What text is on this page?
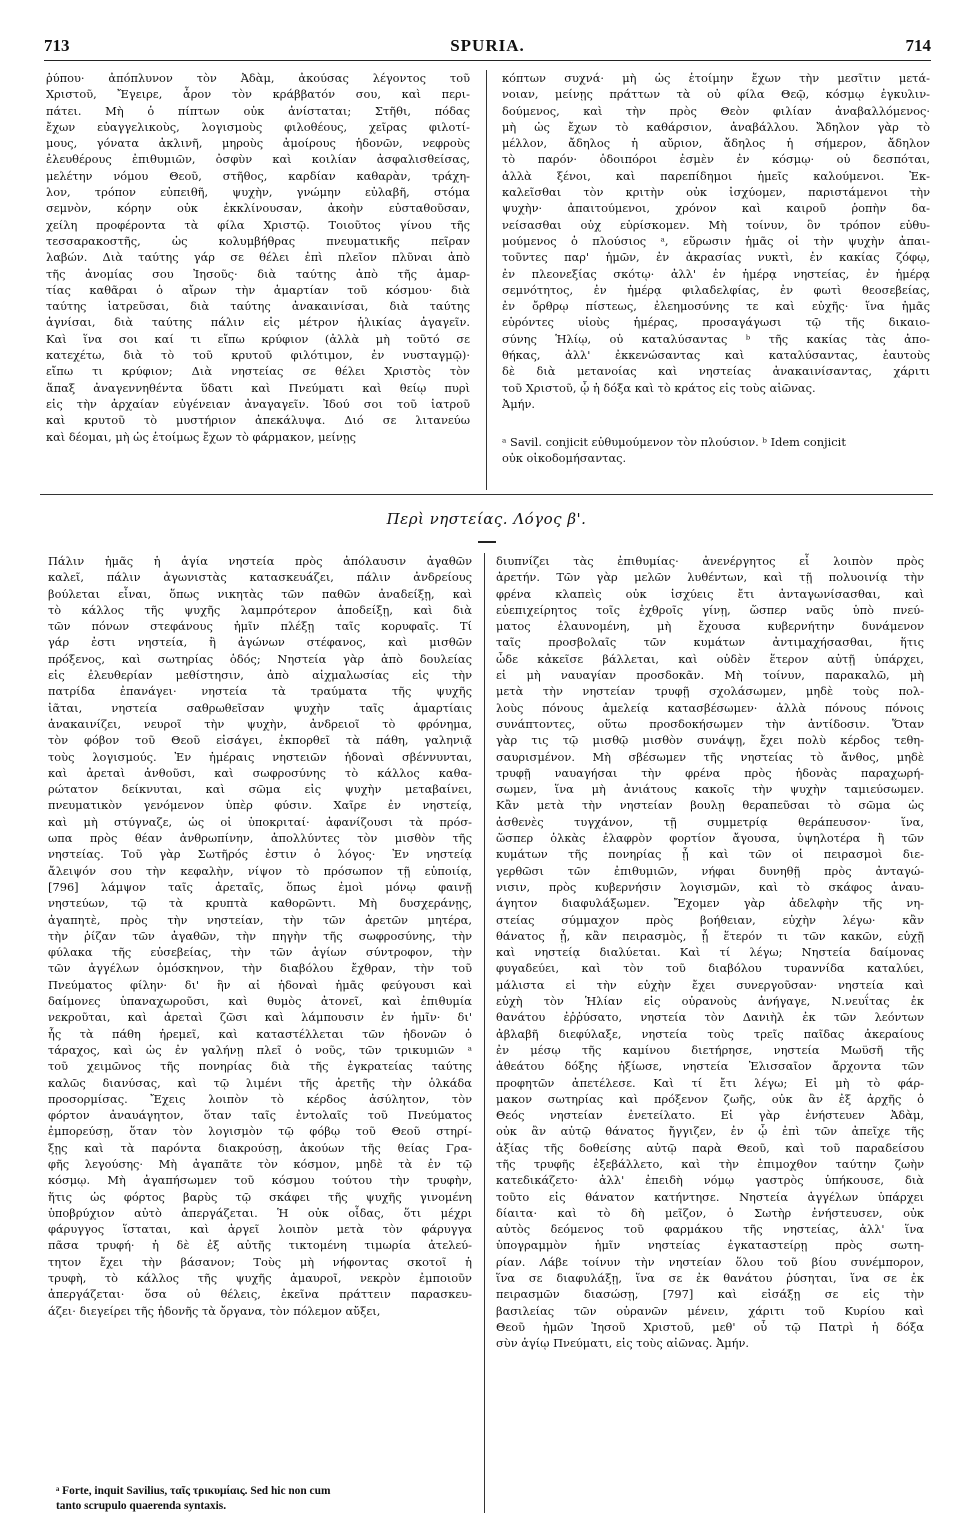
713	SPURIA.	714
ῥύπου· ἀπόπλυνον τὸν Ἀδὰμ, ἀκούσας λέγοντος τοῦ
Χριστοῦ, Ἔγειρε, ἆρον τὸν κράββατόν σου, καὶ περι-
πάτει. Μὴ ὁ πίπτων οὐκ ἀνίσταται; Στῆθι, πόδας
ἔχων εὐαγγελικοὺς, λογισμοὺς φιλοθέους, χεῖρας φιλοτί-
μους, γόνατα ἀκλινῆ, μηροὺς ἀμοίρους ἡδονῶν, νεφροὺς
ἐλευθέρους ἐπιθυμιῶν, ὀσφὺν καὶ κοιλίαν ἀσφαλισθείσας,
μελέτην νόμου Θεοῦ, στῆθος, καρδίαν καθαρὰν, τράχη-
λον, τρόπον εὐπειθῆ, ψυχὴν, γνώμην εὐλαβῆ, στόμα
σεμνὸν, κόρην οὐκ ἐκκλίνουσαν, ἀκοὴν εὐσταθοῦσαν,
χείλη προφέροντα τὰ φίλα Χριστῷ. Τοιοῦτος γίνου τῆς
τεσσαρακοστῆς, ὡς κολυμβήθρας πνευματικῆς πεῖραν
λαβών. Διὰ ταύτης γάρ σε θέλει ἐπὶ πλεῖον πλῦναι ἀπὸ
τῆς ἀνομίας σου Ἰησοῦς· διὰ ταύτης ἀπὸ τῆς ἁμαρ-
τίας καθᾶραι ὁ αἴρων τὴν ἁμαρτίαν τοῦ κόσμου· διὰ
ταύτης ἰατρεῦσαι, διὰ ταύτης ἀνακαινίσαι, διὰ ταύτης
ἁγνίσαι, διὰ ταύτης πάλιν εἰς μέτρον ἡλικίας ἀγαγεῖν.
Καὶ ἵνα σοι καί τι εἴπω κρύφιον (ἀλλὰ μὴ τοῦτό σε
κατεχέτω, διὰ τὸ τοῦ κρυτοῦ φιλότιμον, ἐν νυσταγμῷ)·
εἴπω τι κρύφιον; Διὰ νηστείας σε θέλει Χριστὸς τὸν
ἅπαξ ἀναγεννηθέντα ὕδατι καὶ Πνεύματι καὶ θείῳ πυρὶ
εἰς τὴν ἀρχαίαν εὐγένειαν ἀναγαγεῖν. Ἰδού σοι τοῦ ἰατροῦ
καὶ κρυτοῦ τὸ μυστήριον ἀπεκάλυψα. Διό σε λιτανεύω
καὶ δέομαι, μὴ ὡς ἑτοίμως ἔχων τὸ φάρμακον, μείνῃς
κόπτων συχνά· μὴ ὡς ἑτοίμην ἔχων τὴν μεσῖτιν μετά-
νοιαν, μείνῃς πράττων τὰ οὐ φίλα Θεῷ, κόσμῳ ἐγκυλιν-
δούμενος, καὶ τὴν πρὸς Θεὸν φιλίαν ἀναβαλλόμενος·
μὴ ὡς ἔχων τὸ καθάρσιον, ἀναβάλλου. Ἄδηλον γὰρ τὸ
μέλλον, ἄδηλος ἡ αὔριον, ἄδηλος ἡ σήμερον, ἄδηλον
τὸ παρόν· ὁδοιπόροι ἐσμὲν ἐν κόσμῳ· οὐ δεσπόται,
ἀλλὰ ξένοι, καὶ παρεπίδημοι ἡμεῖς καλούμενοι. Ἐκ-
καλεῖσθαι τὸν κριτὴν οὐκ ἰσχύομεν, παριστάμενοι τὴν
ψυχὴν· ἀπαιτούμενοι, χρόνον καὶ καιροῦ ῥοπὴν δα-
νείσασθαι οὐχ εὑρίσκομεν. Μὴ τοίνυν, ὃν τρόπον εὐθυ-
μούμενος ὁ πλούσιος ᵃ, εὕρωσιν ἡμᾶς οἱ τὴν ψυχὴν ἀπαι-
τοῦντες παρ' ἡμῶν, ἐν ἀκρασίας νυκτὶ, ἐν κακίας ζόφῳ,
ἐν πλεονεξίας σκότῳ· ἀλλ' ἐν ἡμέρᾳ νηστείας, ἐν ἡμέρᾳ
σεμνότητος, ἐν ἡμέρᾳ φιλαδελφίας, ἐν φωτὶ θεοσεβείας,
ἐν ὄρθρῳ πίστεως, ἐλεημοσύνης τε καὶ εὐχῆς· ἵνα ἡμᾶς
εὑρόντες υἱοὺς ἡμέρας, προσαγάγωσι τῷ τῆς δικαιο-
σύνης Ἡλίῳ, οὐ καταλύσαντας ᵇ τῆς κακίας τὰς ἀπο-
θήκας, ἀλλ' ἐκκενώσαντας καὶ καταλύσαντας, ἑαυτοὺς
δὲ διὰ μετανοίας καὶ νηστείας ἀνακαινίσαντας, χάριτι
τοῦ Χριστοῦ, ᾧ ἡ δόξα καὶ τὸ κράτος εἰς τοὺς αἰῶνας.
Ἀμήν.
ᵃ Savil. conjicit εὐθυμούμενον τὸν πλούσιον. ᵇ Idem conjicit
οὐκ οἰκοδομήσαντας.
Περὶ νηστείας. Λόγος β'.
Πάλιν ἡμᾶς ἡ ἁγία νηστεία πρὸς ἀπόλαυσιν ἀγαθῶν
καλεῖ, πάλιν ἀγωνιστὰς κατασκευάζει, πάλιν ἀνδρείους
βούλεται εἶναι, ὅπως νικητὰς τῶν παθῶν ἀναδείξῃ, καὶ
τὸ κάλλος τῆς ψυχῆς λαμπρότερον ἀποδείξῃ, καὶ διὰ
τῶν πόνων στεφάνους ἡμῖν πλέξῃ ταῖς κορυφαῖς. Τί
γάρ ἐστι νηστεία, ἢ ἀγώνων στέφανος, καὶ μισθῶν
πρόξενος, καὶ σωτηρίας ὁδός; Νηστεία γὰρ ἀπὸ δουλείας
εἰς ἐλευθερίαν μεθίστησιν, ἀπὸ αἰχμαλωσίας εἰς τὴν
πατρίδα ἐπανάγει· νηστεία τὰ τραύματα τῆς ψυχῆς
ἰᾶται, νηστεία σαθρωθεῖσαν ψυχὴν ταῖς ἁμαρτίαις
ἀνακαινίζει, νευροῖ τὴν ψυχὴν, ἀνδρειοῖ τὸ φρόνημα,
τὸν φόβον τοῦ Θεοῦ εἰσάγει, ἐκπορθεῖ τὰ πάθη, γαληνιᾷ
τοὺς λογισμούς. Ἐν ἡμέραις νηστειῶν ἡδοναὶ σβέννυνται,
καὶ ἀρεταὶ ἀνθοῦσι, καὶ σωφροσύνης τὸ κάλλος καθα-
ρώτατον δείκνυται, καὶ σῶμα εἰς ψυχὴν μεταβαίνει,
πνευματικὸν γενόμενον ὑπὲρ φύσιν. Χαῖρε ἐν νηστείᾳ,
καὶ μὴ στύγναζε, ὡς οἱ ὑποκριταί· ἀφανίζουσι τὰ πρόσ-
ωπα πρὸς θέαν ἀνθρωπίνην, ἀπολλύντες τὸν μισθὸν τῆς
νηστείας. Τοῦ γὰρ Σωτῆρός ἐστιν ὁ λόγος· Ἐν νηστείᾳ
ἄλειψόν σου τὴν κεφαλὴν, νίψον τὸ πρόσωπον τῇ εὐποιίᾳ,
[796] λάμψον ταῖς ἀρεταῖς, ὅπως ἐμοὶ μόνῳ φαινῇ
νηστεύων, τῷ τὰ κρυπτὰ καθορῶντι. Μὴ δυσχεράνῃς,
ἀγαπητὲ, πρὸς τὴν νηστείαν, τὴν τῶν ἀρετῶν μητέρα,
τὴν ῥίζαν τῶν ἀγαθῶν, τὴν πηγὴν τῆς σωφροσύνης, τὴν
φύλακα τῆς εὐσεβείας, τὴν τῶν ἁγίων σύντροφον, τὴν
τῶν ἀγγέλων ὁμόσκηνον, τὴν διαβόλου ἔχθραν, τὴν τοῦ
Πνεύματος φίλην· δι' ἣν αἱ ἡδοναὶ ἡμᾶς φεύγουσι καὶ
δαίμονες ὑπαναχωροῦσι, καὶ θυμὸς ἀτονεῖ, καὶ ἐπιθυμία
νεκροῦται, καὶ ἀρεταὶ ζῶσι καὶ λάμπουσιν ἐν ἡμῖν· δι'
ἧς τὰ πάθη ἠρεμεῖ, καὶ καταστέλλεται τῶν ἡδονῶν ὁ
τάραχος, καὶ ὡς ἐν γαλήνῃ πλεῖ ὁ νοῦς, τῶν τρικυμιῶν ᵃ
τοῦ χειμῶνος τῆς πονηρίας διὰ τῆς ἐγκρατείας ταύτης
καλῶς διανύσας, καὶ τῷ λιμένι τῆς ἀρετῆς τὴν ὁλκάδα
προσορμίσας. Ἔχεις λοιπὸν τὸ κέρδος ἀσύλητον, τὸν
φόρτον ἀναυάγητον, ὅταν ταῖς ἐντολαῖς τοῦ Πνεύματος
ἐμπορεύσῃ, ὅταν τὸν λογισμὸν τῷ φόβῳ τοῦ Θεοῦ στηρί-
ξῃς καὶ τὰ παρόντα διακρούσῃ, ἀκούων τῆς θείας Γρα-
φῆς λεγούσης· Μὴ ἀγαπᾶτε τὸν κόσμον, μηδὲ τὰ ἐν τῷ
κόσμῳ. Μὴ ἀγαπήσωμεν τοῦ κόσμου τούτου τὴν τρυφὴν,
ἥτις ὡς φόρτος βαρὺς τῷ σκάφει τῆς ψυχῆς γινομένη
ὑποβρύχιον αὐτὸ ἀπεργάζεται. Ἡ οὐκ οἶδας, ὅτι μέχρι
φάρυγγος ἵσταται, καὶ ἀργεῖ λοιπὸν μετὰ τὸν φάρυγγα
πᾶσα τρυφή· ἡ δὲ ἐξ αὐτῆς τικτομένη τιμωρία ἀτελεύ-
τητον ἔχει τὴν βάσανον; Τοὺς μὴ νήφοντας σκοτοῖ ἡ
τρυφὴ, τὸ κάλλος τῆς ψυχῆς ἀμαυροῖ, νεκρὸν ἐμποιοῦν
ἀπεργάζεται· ὅσα οὐ θέλεις, ἐκεῖνα πράττειν παρασκευ-
άζει· διεγείρει τῆς ἡδονῆς τὰ ὄργανα, τὸν πόλεμον αὔξει,
διυπνίζει τὰς ἐπιθυμίας· ἀνενέργητος εἶ λοιπὸν πρὸς
ἀρετήν. Τῶν γὰρ μελῶν λυθέντων, καὶ τῇ πολυοινίᾳ τὴν
φρένα κλαπεὶς οὐκ ἰσχύεις ἔτι ἀνταγωνίσασθαι, καὶ
εὐεπιχείρητος τοῖς ἐχθροῖς γίνῃ, ὥσπερ ναῦς ὑπὸ πνεύ-
ματος ἐλαυνομένη, μὴ ἔχουσα κυβερνήτην δυνάμενον
ταῖς προσβολαῖς τῶν κυμάτων ἀντιμαχήσασθαι, ἥτις
ὧδε κἀκεῖσε βάλλεται, καὶ οὐδὲν ἕτερον αὐτῇ ὑπάρχει,
εἰ μὴ ναυαγίαν προσδοκᾶν. Μὴ τοίνυν, παρακαλῶ, μὴ
μετὰ τὴν νηστείαν τρυφῇ σχολάσωμεν, μηδὲ τοὺς πολ-
λοὺς πόνους ἀμελείᾳ κατασβέσωμεν· ἀλλὰ πόνους πόνοις
συνάπτοντες, οὕτω προσδοκήσωμεν τὴν ἀντίδοσιν. Ὅταν
γὰρ τις τῷ μισθῷ μισθὸν συνάψῃ, ἔχει πολὺ κέρδος τεθη-
σαυρισμένον. Μὴ σβέσωμεν τῆς νηστείας τὸ ἄνθος, μηδὲ
τρυφῇ ναυαγήσαι τὴν φρένα πρὸς ἡδονὰς παραχωρή-
σωμεν, ἵνα μὴ ἀνιάτους κακοῖς τὴν ψυχὴν ταμιεύσωμεν.
Κἂν μετὰ τὴν νηστείαν βουλῃ θεραπεῦσαι τὸ σῶμα ὡς
ἀσθενὲς τυγχάνον, τῇ συμμετρίᾳ θεράπευσον· ἵνα,
ὥσπερ ὁλκὰς ἐλαφρὸν φορτίον ἄγουσα, ὑψηλοτέρα ἢ τῶν
κυμάτων τῆς πονηρίας ᾖ καὶ τῶν οἱ πειρασμοὶ διε-
γερθῶσι τῶν ἐπιθυμιῶν, νήφαι δυνηθῇ πρὸς ἀνταγώ-
νισιν, πρὸς κυβερνήσιν λογισμῶν, καὶ τὸ σκάφος ἀναυ-
άγητον διαφυλάξωμεν. Ἔχομεν γὰρ ἀδελφὴν τῆς νη-
στείας σύμμαχον πρὸς βοήθειαν, εὐχὴν λέγω· κἂν
θάνατος ᾖ, κἂν πειρασμὸς, ᾖ ἕτερόν τι τῶν κακῶν, εὐχῇ
καὶ νηστείᾳ διαλύεται. Καὶ τί λέγω; Νηστεία δαίμονας
φυγαδεύει, καὶ τὸν τοῦ διαβόλου τυραννίδα καταλύει,
μάλιστα εἰ τὴν εὐχὴν ἔχει συνεργοῦσαν· νηστεία καὶ
εὐχὴ τὸν Ἡλίαν εἰς οὐρανοὺς ἀνήγαγε, Ν.νευΐτας ἐκ
θανάτου ἐῤῥύσατο, νηστεία τὸν Δανιὴλ ἐκ τῶν λεόντων
ἀβλαβῆ διεφύλαξε, νηστεία τοὺς τρεῖς παῖδας ἀκεραίους
ἐν μέσῳ τῆς καμίνου διετήρησε, νηστεία Μωϋσῆ τῆς
ἀθεάτου δόξης ἠξίωσε, νηστεία Ἐλισσαῖον ἄρχοντα τῶν
προφητῶν ἀπετέλεσε. Καὶ τί ἔτι λέγω; Εἰ μὴ τὸ φάρ-
μακον σωτηρίας καὶ πρόξενον ζωῆς, οὐκ ἂν ἐξ ἀρχῆς ὁ
Θεός νηστείαν ἐνετείλατο. Εἰ γὰρ ἐνήστευεν Ἀδὰμ,
οὐκ ἂν αὐτῷ θάνατος ἤγγιζεν, ἐν ᾧ ἐπὶ τῶν ἀπεῖχε τῆς
ἀξίας τῆς δοθείσης αὐτῷ παρὰ Θεοῦ, καὶ τοῦ παραδείσου
τῆς τρυφῆς ἐξεβάλλετο, καὶ τὴν ἐπιμοχθον ταύτην ζωὴν
κατεδικάζετο· ἀλλ' ἐπειδὴ νόμῳ γαστρὸς ὑπήκουσε, διὰ
τοῦτο εἰς θάνατον κατήντησε. Νηστεία ἀγγέλων ὑπάρχει
δίαιτα· καὶ τὸ δὴ μεῖζον, ὁ Σωτὴρ ἐνήστευσεν, οὐκ
αὐτὸς δεόμενος τοῦ φαρμάκου τῆς νηστείας, ἀλλ' ἵνα
ὑπογραμμὸν ἡμῖν νηστείας ἐγκαταστείρῃ πρὸς σωτη-
ρίαν. Λάβε τοίνυν τὴν νηστείαν ὅλου τοῦ βίου συνέμπορον,
ἵνα σε διαφυλάξῃ, ἵνα σε ἐκ θανάτου ῥύσηται, ἵνα σε ἐκ
πειρασμῶν διασώσῃ, [797] καὶ εἰσάξῃ σε εἰς τὴν
βασιλείας τῶν οὐρανῶν μένειν, χάριτι τοῦ Κυρίου καὶ
Θεοῦ ἡμῶν Ἰησοῦ Χριστοῦ, μεθ' οὗ τῷ Πατρὶ ἡ δόξα
σὺν ἁγίῳ Πνεύματι, εἰς τοὺς αἰῶνας. Ἀμήν.
ᵃ Forte, inquit Savilius, ταῖς τρικυμίαις. Sed hic non cum
tanto scrupulo quaerenda syntaxis.
